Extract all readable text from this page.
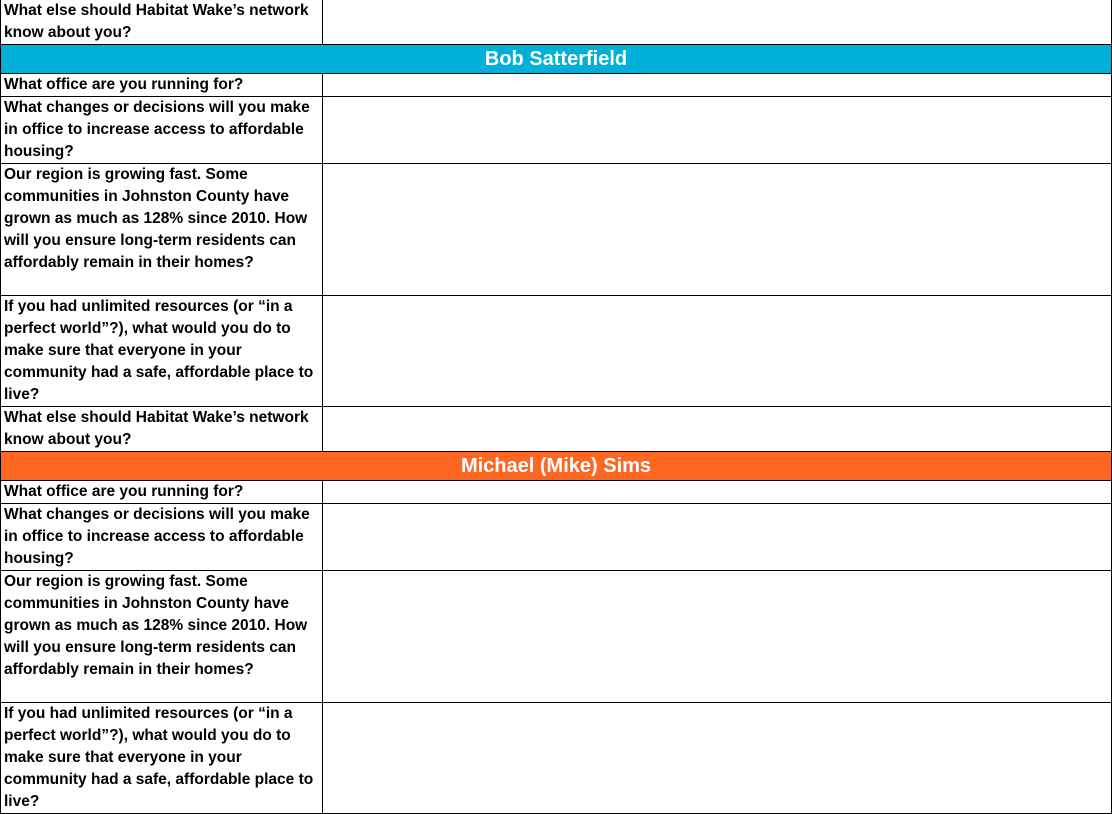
What else should Habitat Wake’s network know about you?	
Bob Satterfield	
What office are you running for?	
What changes or decisions will you make in office to increase access to affordable housing?	
Our region is growing fast. Some communities in Johnston County have grown as much as 128% since 2010. How will you ensure long-term residents can affordably remain in their homes?	
If you had unlimited resources (or “in a perfect world”?), what would you do to make sure that everyone in your community had a safe, affordable place to live?	
What else should Habitat Wake’s network know about you?	
Michael (Mike) Sims	
What office are you running for?	
What changes or decisions will you make in office to increase access to affordable housing?	
Our region is growing fast. Some communities in Johnston County have grown as much as 128% since 2010. How will you ensure long-term residents can affordably remain in their homes?	
If you had unlimited resources (or “in a perfect world”?), what would you do to make sure that everyone in your community had a safe, affordable place to live?	
